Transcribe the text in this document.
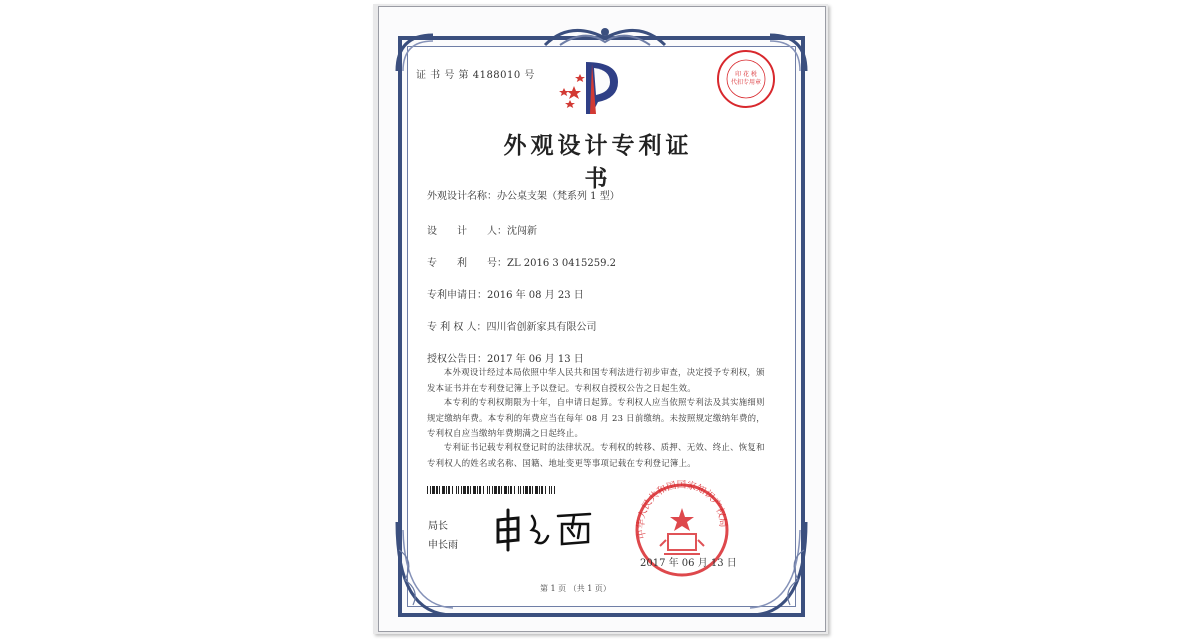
证 书 号 第 4188010 号	印 花 税
代扣专用章
外观设计专利证书
外观设计名称：办公桌支架（梵系列 1 型）
设　　计　　人：沈闯新
专　　利　　号：ZL 2016 3 0415259.2
专利申请日：2016 年 08 月 23 日
专 利 权 人：四川省创新家具有限公司
授权公告日：2017 年 06 月 13 日
本外观设计经过本局依照中华人民共和国专利法进行初步审查，决定授予专利权，颁发本证书并在专利登记簿上予以登记。专利权自授权公告之日起生效。
本专利的专利权期限为十年，自申请日起算。专利权人应当依照专利法及其实施细则规定缴纳年费。本专利的年费应当在每年 08 月 23 日前缴纳。未按照规定缴纳年费的，专利权自应当缴纳年费期满之日起终止。
专利证书记载专利权登记时的法律状况。专利权的转移、质押、无效、终止、恢复和专利权人的姓名或名称、国籍、地址变更等事项记载在专利登记簿上。
局长
申长雨
中华人民共和国国家知识产权局
2017 年 06 月 13 日
第 1 页 （共 1 页）
